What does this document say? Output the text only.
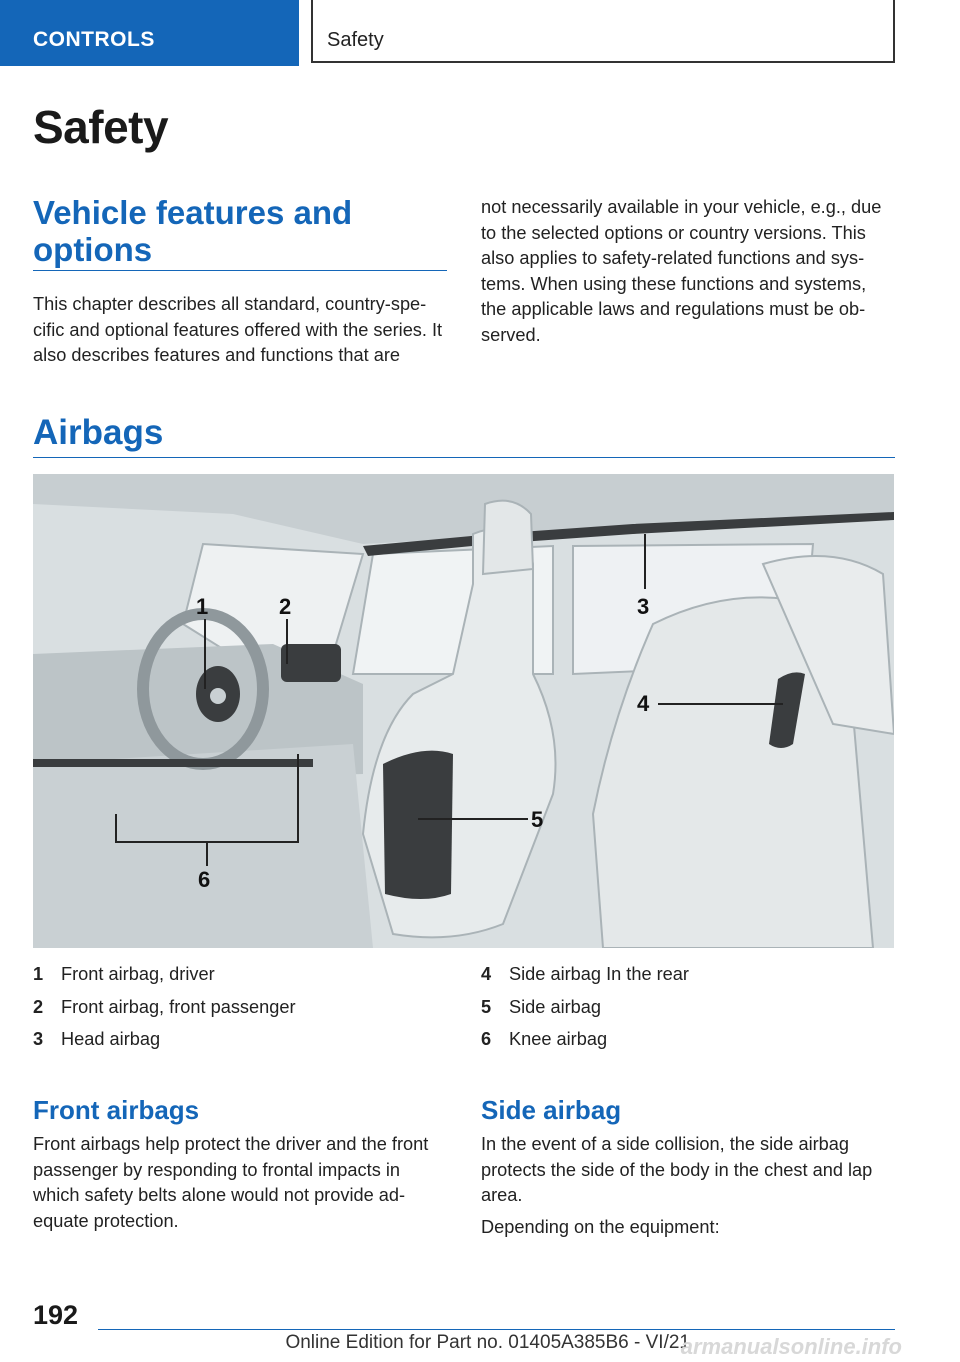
CONTROLS	Safety
Safety
Vehicle features and options

This chapter describes all standard, country-spe-cific and optional features offered with the series. It also describes features and functions that are

not necessarily available in your vehicle, e.g., due to the selected options or country versions. This also applies to safety-related functions and sys-tems. When using these functions and systems, the applicable laws and regulations must be ob-served.

Airbags
1	2	3
4
5
6
1 Front airbag, driver
2 Front airbag, front passenger
3 Head airbag
4 Side airbag In the rear
5 Side airbag
6 Knee airbag
Front airbags

Front airbags help protect the driver and the front passenger by responding to frontal impacts in which safety belts alone would not provide ad-equate protection.

Side airbag

In the event of a side collision, the side airbag protects the side of the body in the chest and lap area.

Depending on the equipment:

192
Online Edition for Part no. 01405A385B6 - VI/21
armanualsonline.info
